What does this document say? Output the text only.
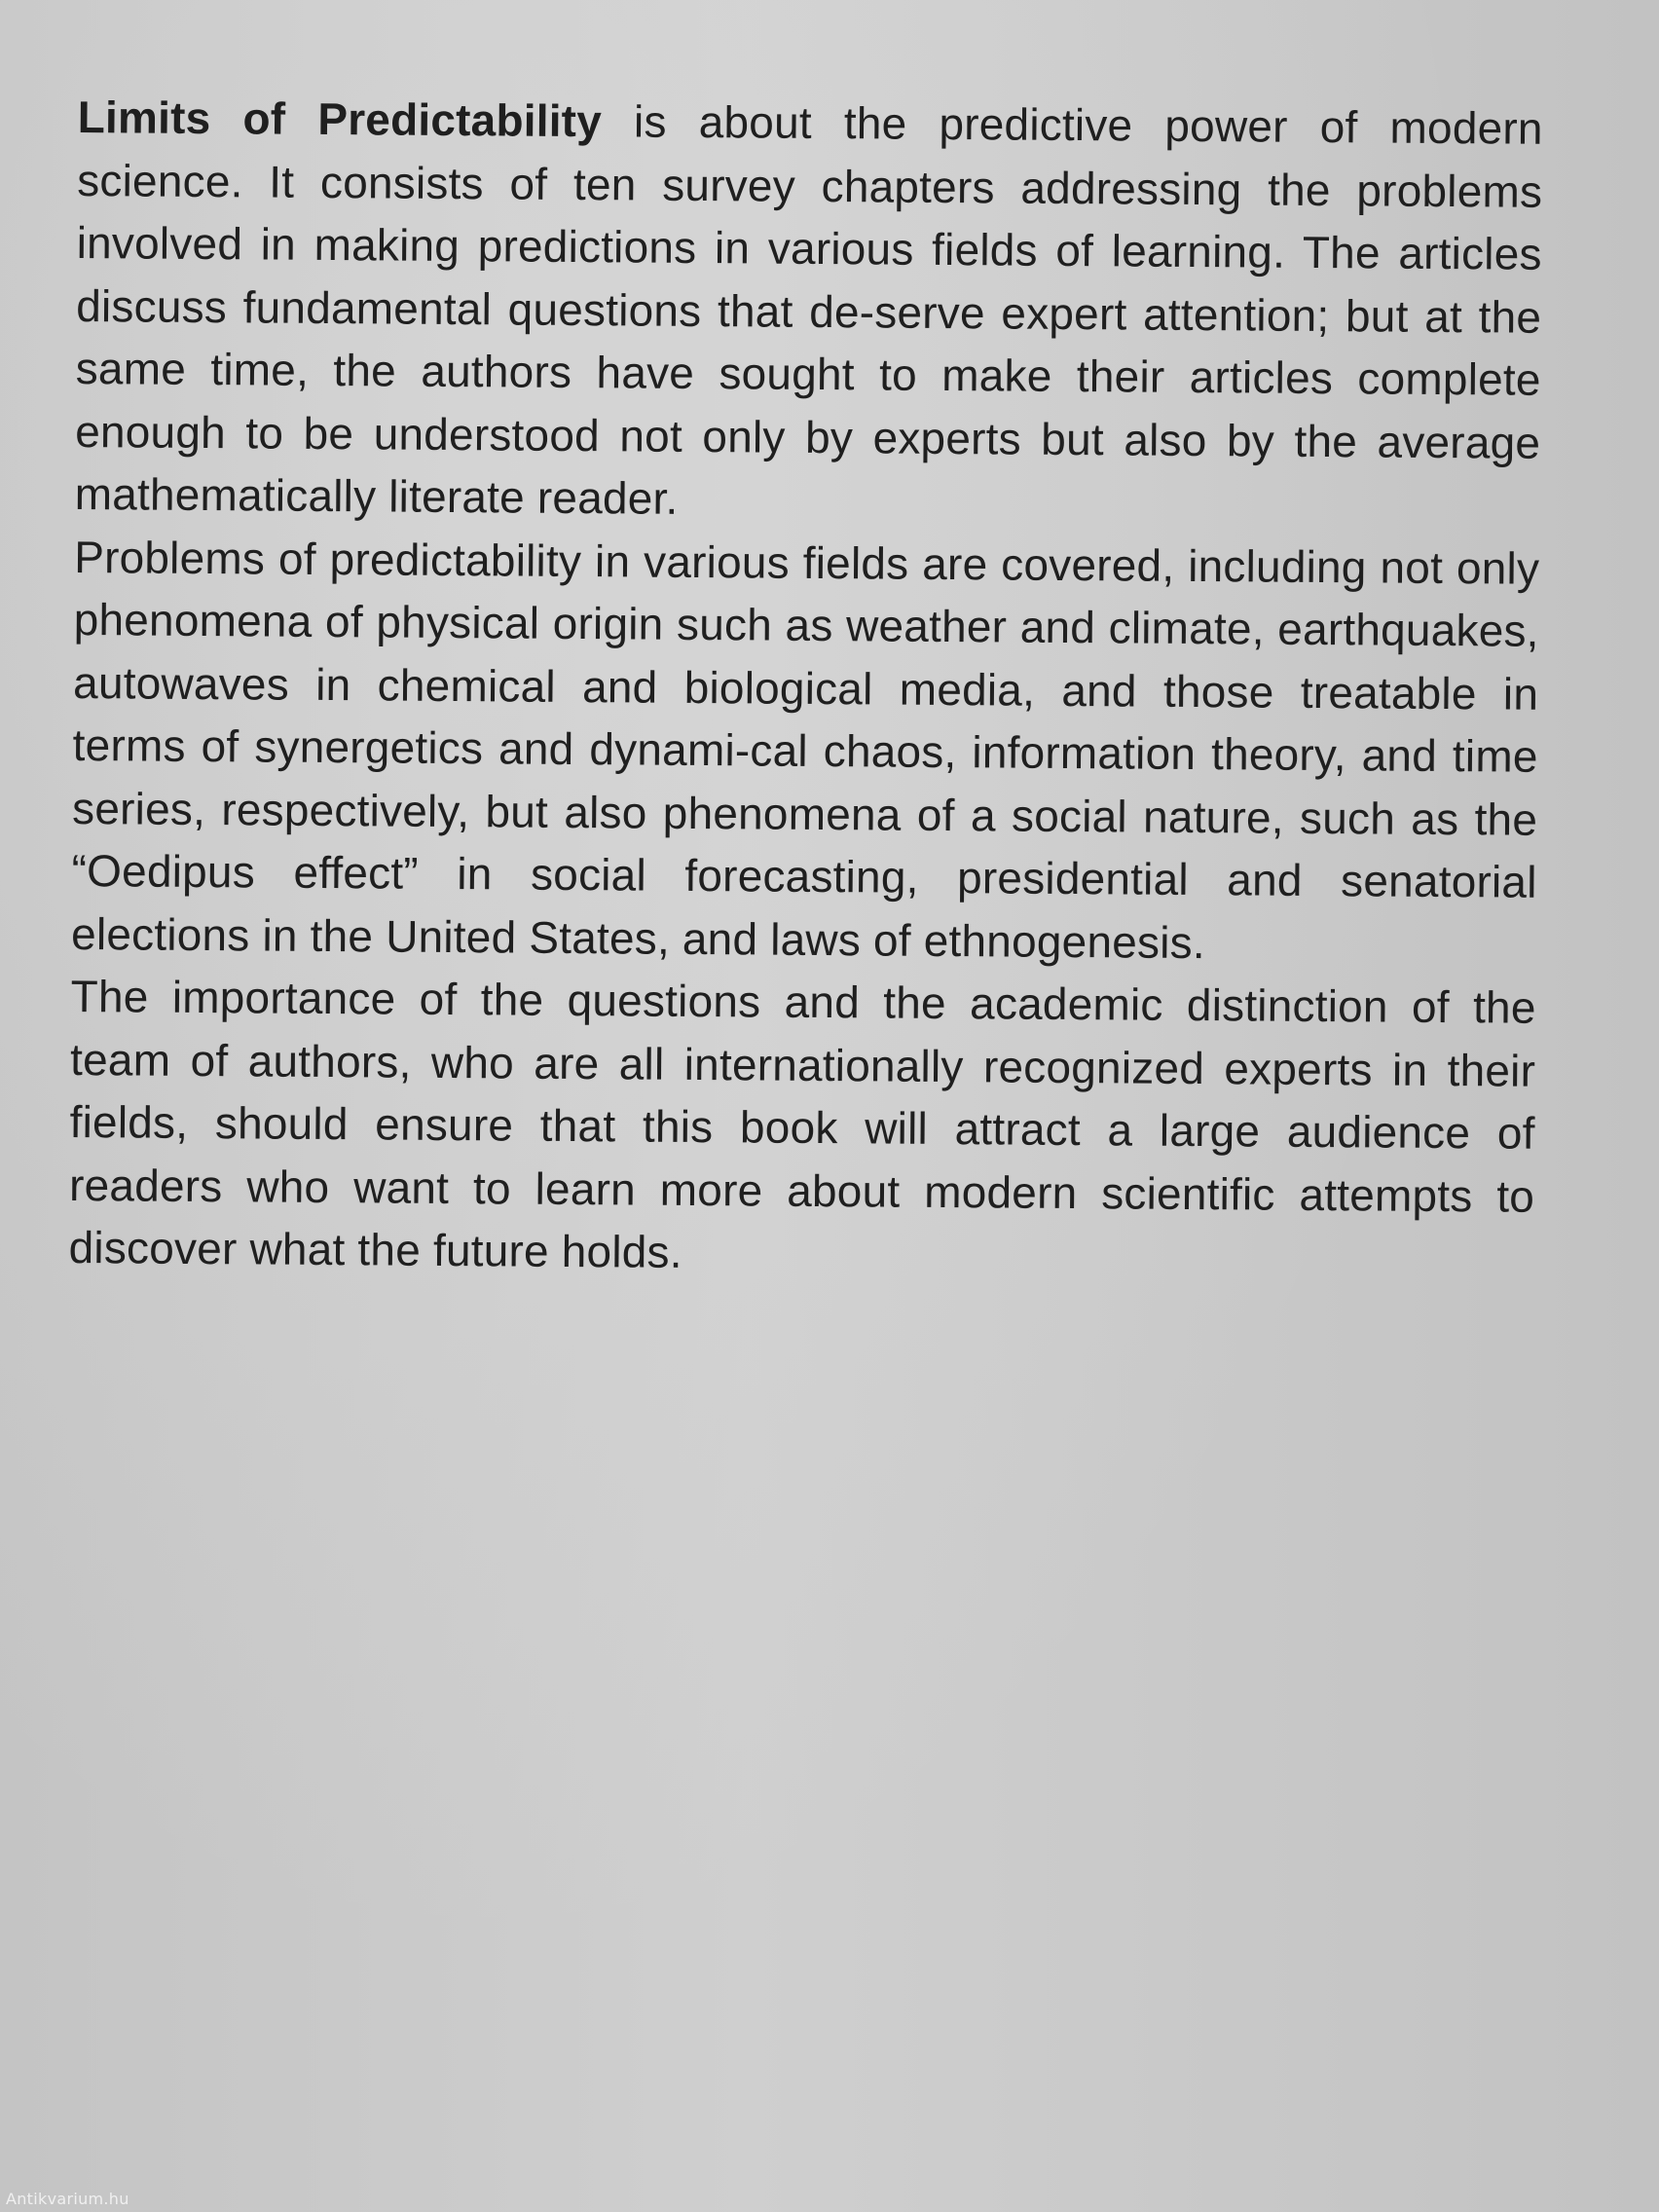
Limits of Predictability is about the predictive power of modern science. It consists of ten survey chapters addressing the problems involved in making predictions in various fields of learning. The articles discuss fundamental questions that de-serve expert attention; but at the same time, the authors have sought to make their articles complete enough to be understood not only by experts but also by the average mathematically literate reader.

Problems of predictability in various fields are covered, including not only phenomena of physical origin such as weather and climate, earthquakes, autowaves in chemical and biological media, and those treatable in terms of synergetics and dynami-cal chaos, information theory, and time series, respectively, but also phenomena of a social nature, such as the “Oedipus effect” in social forecasting, presidential and senatorial elections in the United States, and laws of ethnogenesis.

The importance of the questions and the academic distinction of the team of authors, who are all internationally recognized experts in their fields, should ensure that this book will attract a large audience of readers who want to learn more about modern scientific attempts to discover what the future holds.

Antikvarium.hu
